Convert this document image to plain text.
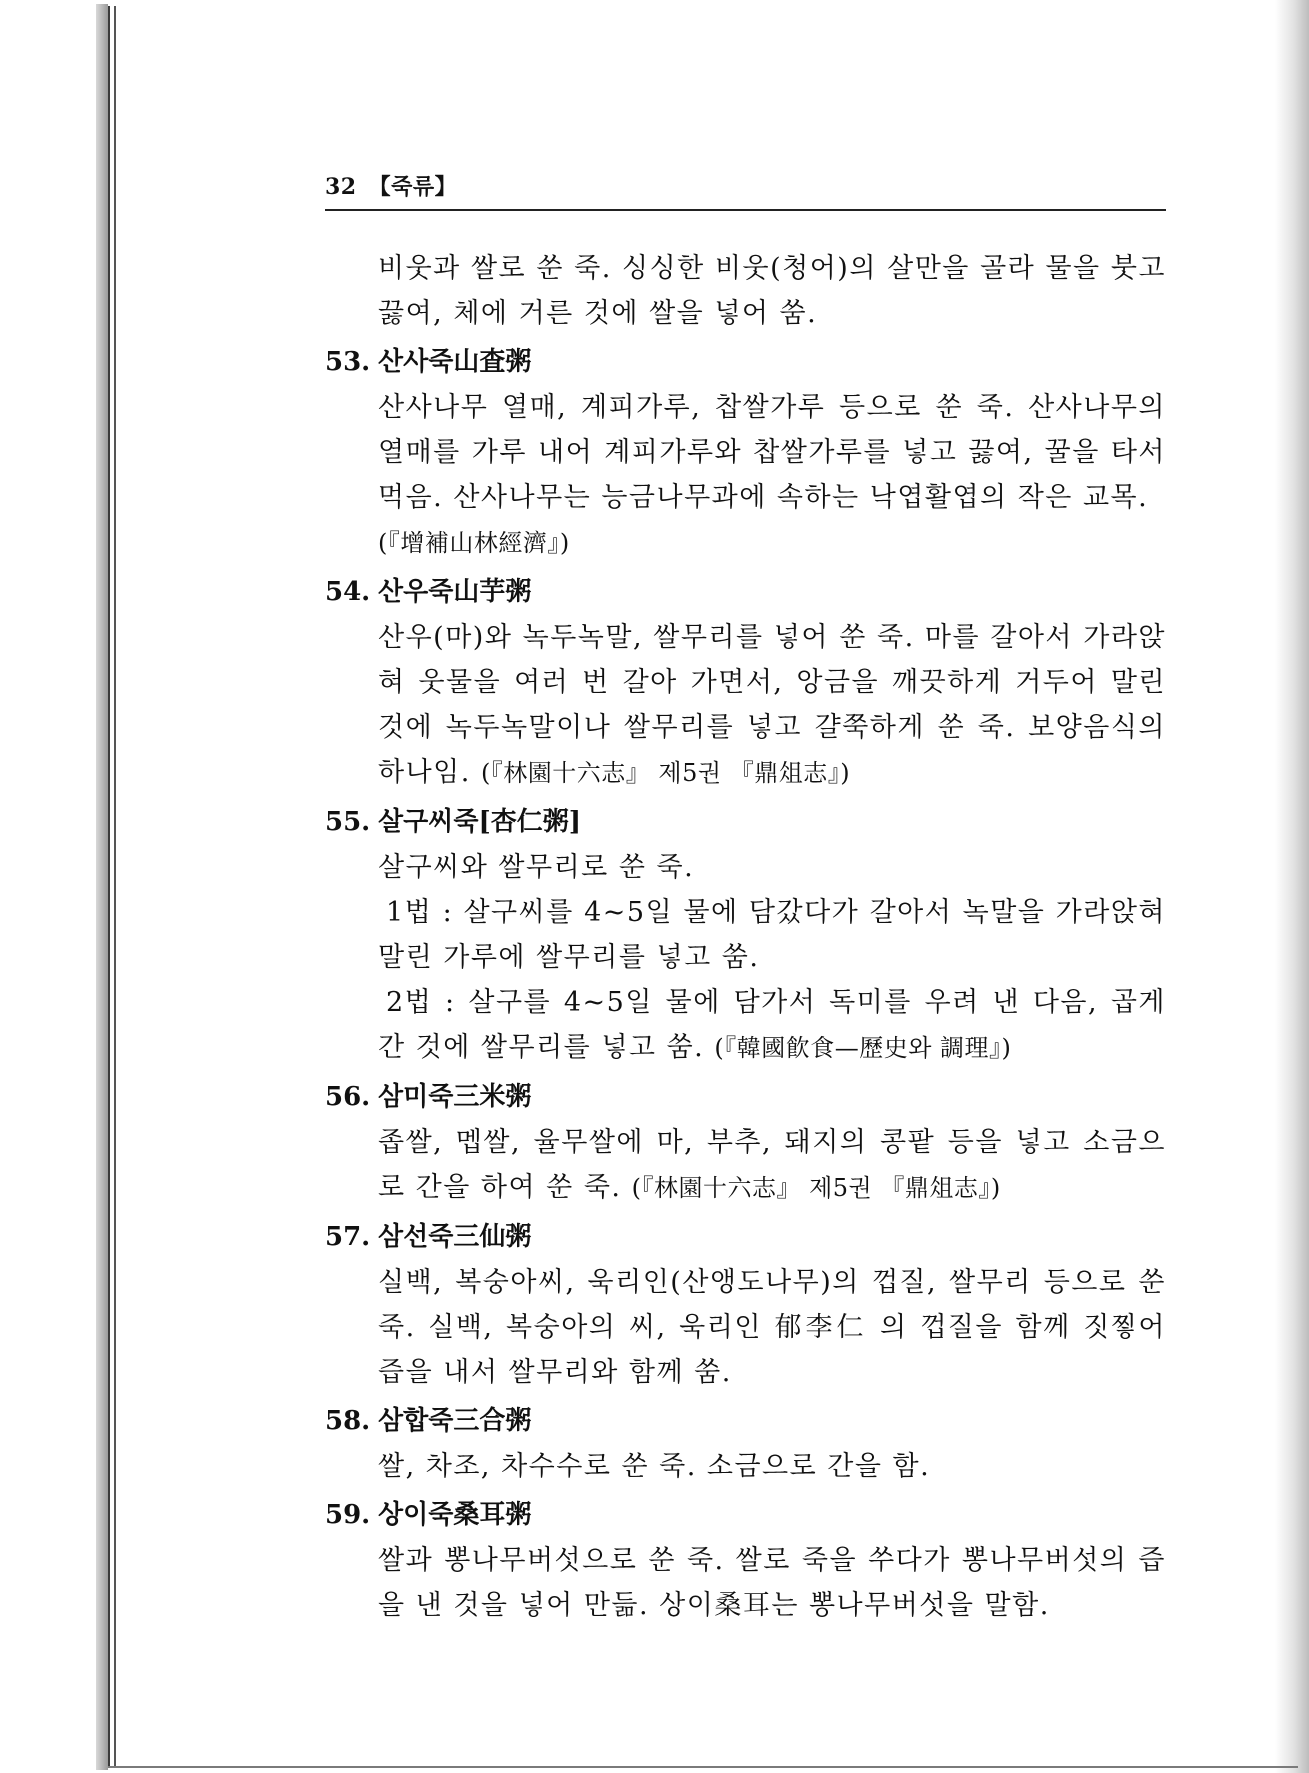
32 【죽류】

비웃과 쌀로 쑨 죽. 싱싱한 비웃(청어)의 살만을 골라 물을 붓고 끓여, 체에 거른 것에 쌀을 넣어 쑴.

53. 산사죽山査粥

산사나무 열매, 계피가루, 찹쌀가루 등으로 쑨 죽. 산사나무의 열매를 가루 내어 계피가루와 찹쌀가루를 넣고 끓여, 꿀을 타서 먹음. 산사나무는 능금나무과에 속하는 낙엽활엽의 작은 교목.
(『增補山林經濟』)

54. 산우죽山芋粥

산우(마)와 녹두녹말, 쌀무리를 넣어 쑨 죽. 마를 갈아서 가라앉혀 웃물을 여러 번 갈아 가면서, 앙금을 깨끗하게 거두어 말린 것에 녹두녹말이나 쌀무리를 넣고 걀쭉하게 쑨 죽. 보양음식의 하나임. (『林園十六志』 제5권 『鼎俎志』)

55. 살구씨죽[杏仁粥]

살구씨와 쌀무리로 쑨 죽.

1법 : 살구씨를 4~5일 물에 담갔다가 갈아서 녹말을 가라앉혀 말린 가루에 쌀무리를 넣고 쑴.

2법 : 살구를 4~5일 물에 담가서 독미를 우려 낸 다음, 곱게 간 것에 쌀무리를 넣고 쑴. (『韓國飮食—歷史와 調理』)

56. 삼미죽三米粥

좁쌀, 멥쌀, 율무쌀에 마, 부추, 돼지의 콩팥 등을 넣고 소금으로 간을 하여 쑨 죽. (『林園十六志』 제5권 『鼎俎志』)

57. 삼선죽三仙粥

실백, 복숭아씨, 욱리인(산앵도나무)의 껍질, 쌀무리 등으로 쑨 죽. 실백, 복숭아의 씨, 욱리인 郁李仁 의 껍질을 함께 짓찧어 즙을 내서 쌀무리와 함께 쑴.

58. 삼합죽三合粥

쌀, 차조, 차수수로 쑨 죽. 소금으로 간을 함.

59. 상이죽桑耳粥

쌀과 뽕나무버섯으로 쑨 죽. 쌀로 죽을 쑤다가 뽕나무버섯의 즙을 낸 것을 넣어 만듦. 상이桑耳는 뽕나무버섯을 말함.
